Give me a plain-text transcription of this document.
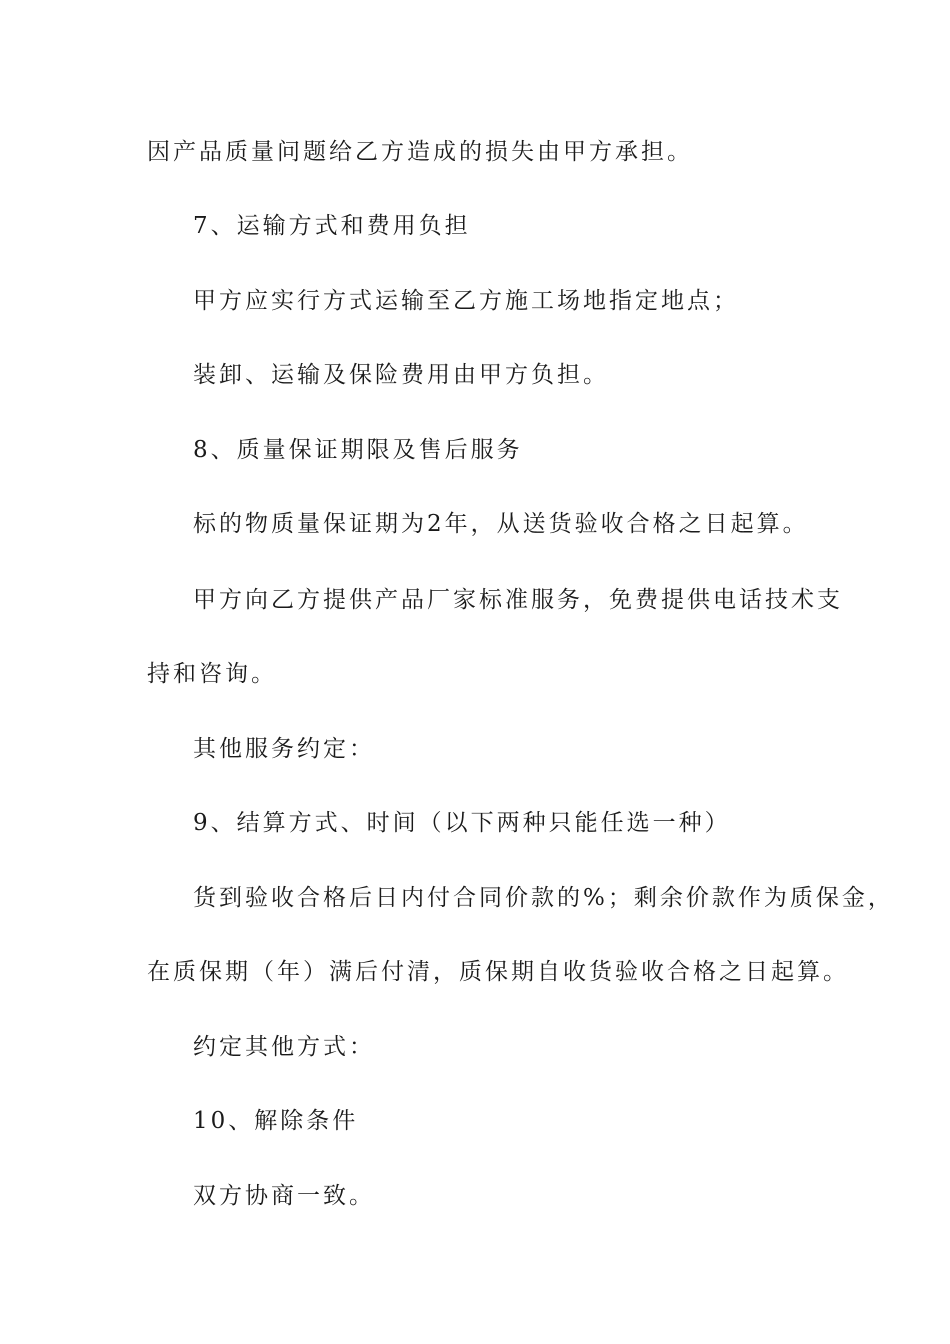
因产品质量问题给乙方造成的损失由甲方承担。
7、运输方式和费用负担
甲方应实行方式运输至乙方施工场地指定地点；
装卸、运输及保险费用由甲方负担。
8、质量保证期限及售后服务
标的物质量保证期为2年，从送货验收合格之日起算。
甲方向乙方提供产品厂家标准服务，免费提供电话技术支
持和咨询。
其他服务约定：
9、结算方式、时间（以下两种只能任选一种）
货到验收合格后日内付合同价款的%；剩余价款作为质保金，
在质保期（年）满后付清，质保期自收货验收合格之日起算。
约定其他方式：
10、解除条件
双方协商一致。
